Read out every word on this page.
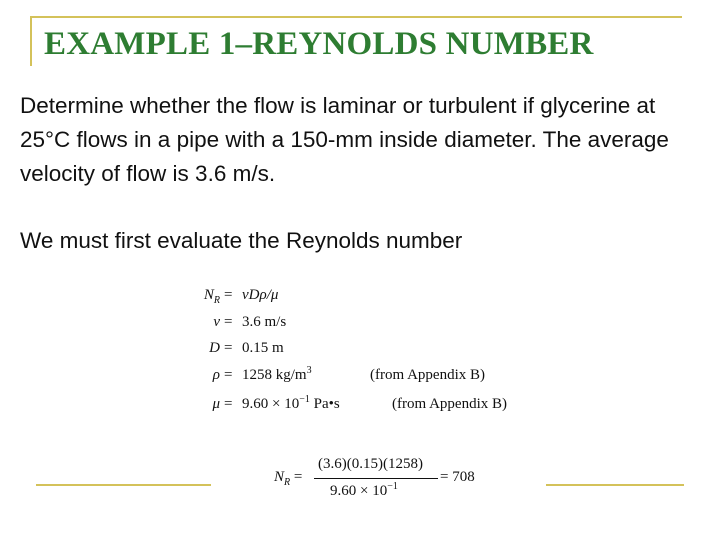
EXAMPLE 1–REYNOLDS NUMBER
Determine whether the flow is laminar or turbulent if glycerine at 25°C flows in a pipe with a 150-mm inside diameter. The average velocity of flow is 3.6 m/s.
We must first evaluate the Reynolds number
$N_R = vD\rho/\mu$
v = 3.6 m/s
D = 0.15 m
ρ = 1258 $kg/m^3$	(from Appendix B)
$\mu = 9.60 \times 10^{-1}$ Pa•s	(from Appendix B)
$N_R$ =
(3.6)(0.15)(1258)
$9.60 \times 10^{-1}$
= 708
